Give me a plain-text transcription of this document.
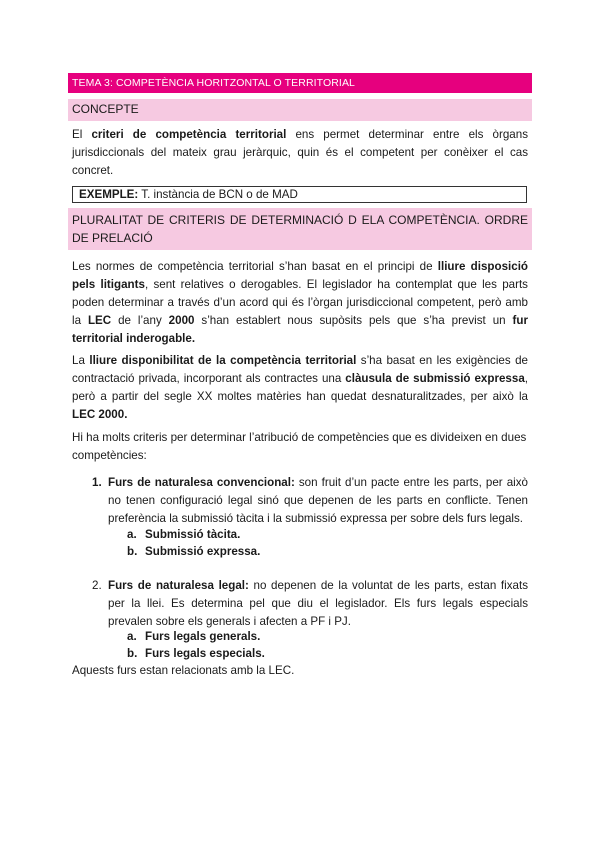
TEMA 3: COMPETÈNCIA HORITZONTAL O TERRITORIAL
CONCEPTE
El criteri de competència territorial ens permet determinar entre els òrgans jurisdiccionals del mateix grau jeràrquic, quin és el competent per conèixer el cas concret.
EXEMPLE: T. instància de BCN o de MAD
PLURALITAT DE CRITERIS DE DETERMINACIÓ D ELA COMPETÈNCIA. ORDRE DE PRELACIÓ
Les normes de competència territorial s’han basat en el principi de lliure disposició pels litigants, sent relatives o derogables. El legislador ha contemplat que les parts poden determinar a través d’un acord qui és l’òrgan jurisdiccional competent, però amb la LEC de l’any 2000 s’han establert nous supòsits pels que s’ha previst un fur territorial inderogable.
La lliure disponibilitat de la competència territorial s’ha basat en les exigències de contractació privada, incorporant als contractes una clàusula de submissió expressa, però a partir del segle XX moltes matèries han quedat desnaturalitzades, per això la LEC 2000.
Hi ha molts criteris per determinar l’atribució de competències que es divideixen en dues competències:
1. Furs de naturalesa convencional: son fruit d’un pacte entre les parts, per això no tenen configuració legal sinó que depenen de les parts en conflicte. Tenen preferència la submissió tàcita i la submissió expressa per sobre dels furs legals.
a. Submissió tàcita.
b. Submissió expressa.
2. Furs de naturalesa legal: no depenen de la voluntat de les parts, estan fixats per la llei. Es determina pel que diu el legislador. Els furs legals especials prevalen sobre els generals i afecten a PF i PJ.
a. Furs legals generals.
b. Furs legals especials.
Aquests furs estan relacionats amb la LEC.
